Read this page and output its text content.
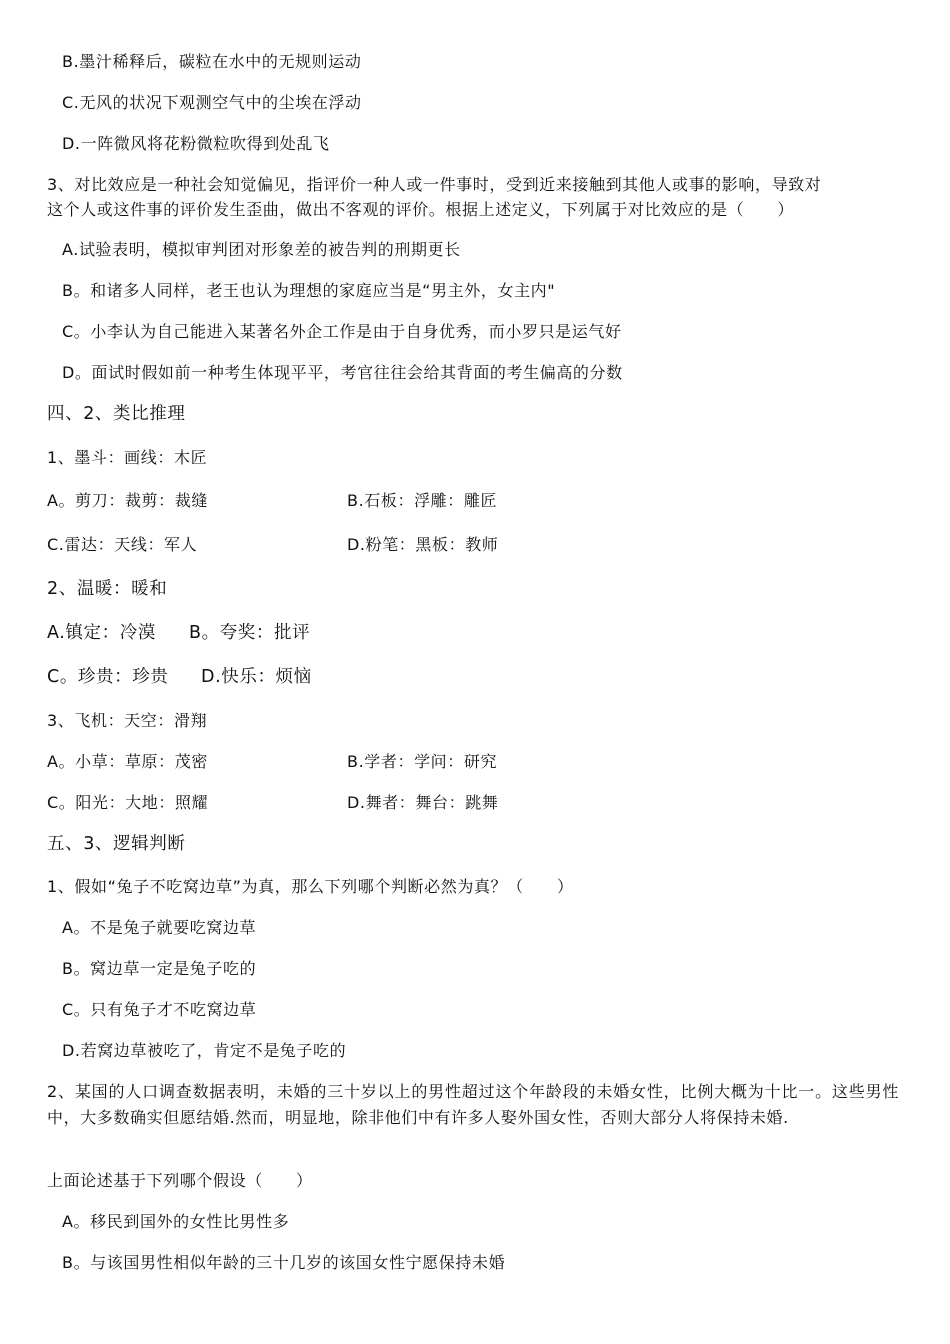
B.墨汁稀释后，碳粒在水中的无规则运动
C.无风的状况下观测空气中的尘埃在浮动
D.一阵微风将花粉微粒吹得到处乱飞
3、对比效应是一种社会知觉偏见，指评价一种人或一件事时，受到近来接触到其他人或事的影响，导致对
这个人或这件事的评价发生歪曲，做出不客观的评价。根据上述定义，下列属于对比效应的是（　　）
A.试验表明，模拟审判团对形象差的被告判的刑期更长
B。和诸多人同样，老王也认为理想的家庭应当是“男主外，女主内"
C。小李认为自己能进入某著名外企工作是由于自身优秀，而小罗只是运气好
D。面试时假如前一种考生体现平平，考官往往会给其背面的考生偏高的分数
四、2、类比推理
1、墨斗：画线：木匠
A。剪刀：裁剪：裁缝	B.石板：浮雕：雕匠
C.雷达：天线：军人	D.粉笔：黑板：教师
2、温暖：暖和
A.镇定：冷漠 B。夸奖：批评
C。珍贵：珍贵 D.快乐：烦恼
3、飞机：天空：滑翔
A。小草：草原：茂密	B.学者：学问：研究
C。阳光：大地：照耀	D.舞者：舞台：跳舞
五、3、逻辑判断
1、假如“兔子不吃窝边草”为真，那么下列哪个判断必然为真？（　　）
A。不是兔子就要吃窝边草
B。窝边草一定是兔子吃的
C。只有兔子才不吃窝边草
D.若窝边草被吃了，肯定不是兔子吃的
2、某国的人口调查数据表明，未婚的三十岁以上的男性超过这个年龄段的未婚女性，比例大概为十比一。这些男性中，大多数确实但愿结婚.然而，明显地，除非他们中有许多人娶外国女性，否则大部分人将保持未婚.
上面论述基于下列哪个假设（　　）
A。移民到国外的女性比男性多
B。与该国男性相似年龄的三十几岁的该国女性宁愿保持未婚
